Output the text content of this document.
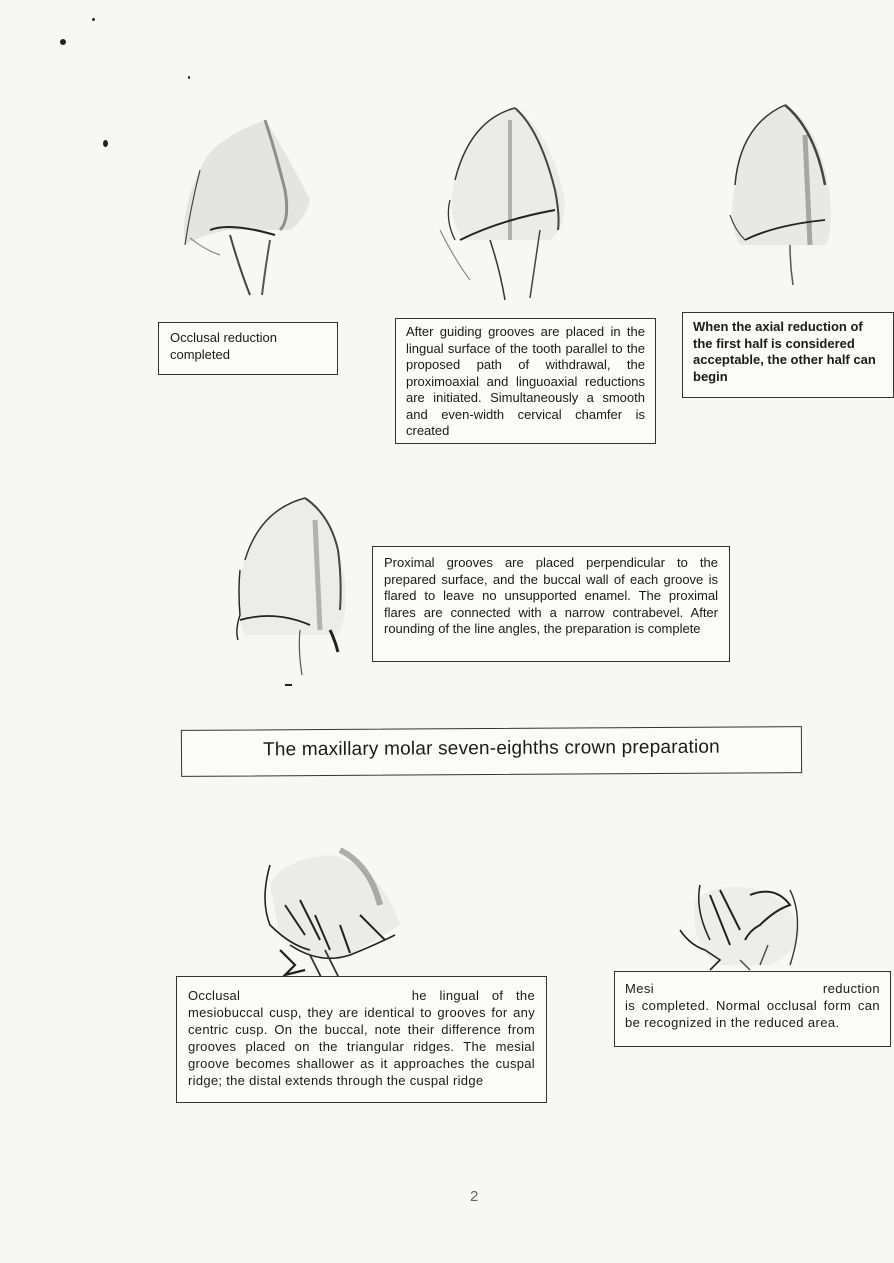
Occlusal reduction completed
After guiding grooves are placed in the lingual surface of the tooth parallel to the proposed path of withdrawal, the proximoaxial and linguoaxial reductions are initiated. Simultaneously a smooth and even-width cervical chamfer is created
When the axial reduction of the first half is considered acceptable, the other half can begin
Proximal grooves are placed perpendicular to the prepared surface, and the buccal wall of each groove is flared to leave no unsupported enamel. The proximal flares are connected with a narrow contrabevel. After rounding of the line angles, the preparation is complete
The maxillary molar seven-eighths crown preparation
Occlusal	he lingual of the mesiobuccal cusp, they are identical to grooves for any centric cusp. On the buccal, note their difference from grooves placed on the triangular ridges. The mesial groove becomes shallower as it approaches the cuspal ridge; the distal extends through the cuspal ridge
Mesi	reduction is completed. Normal occlusal form can be recognized in the reduced area.
2
